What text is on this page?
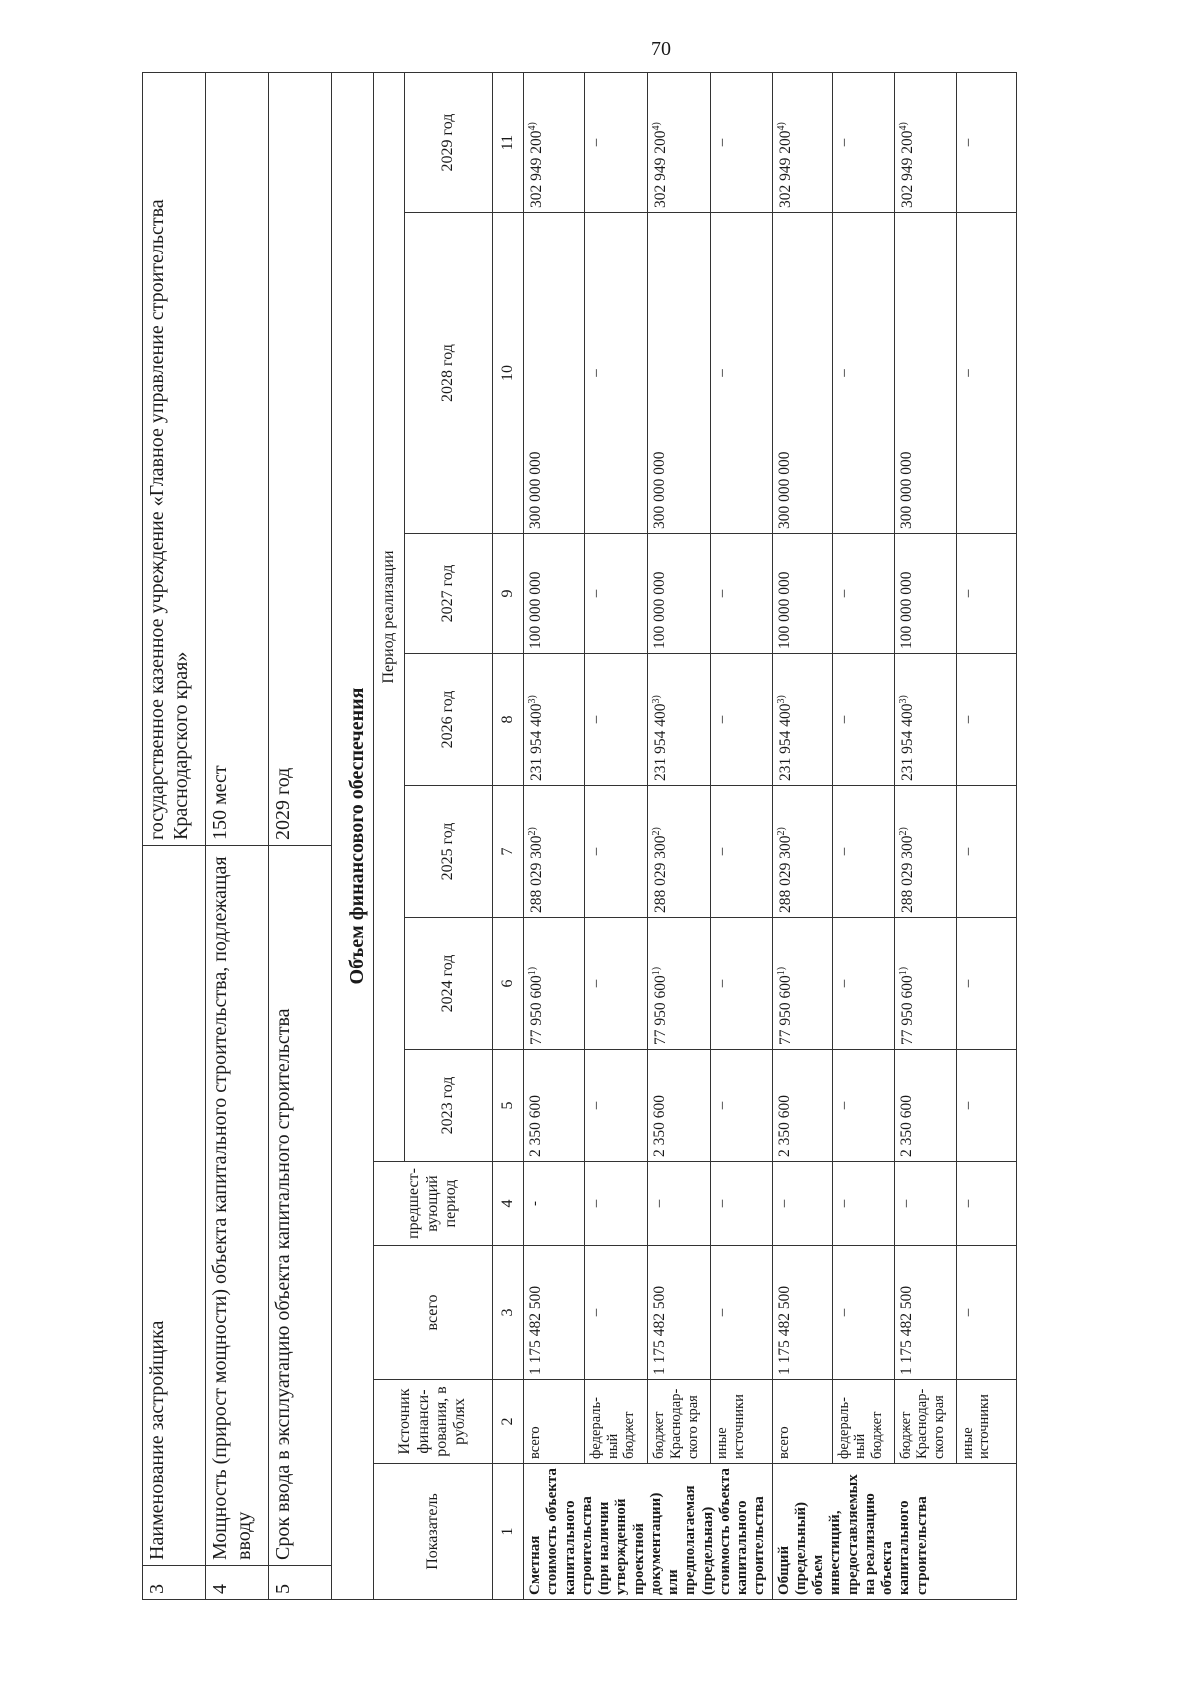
70
3	Наименование застройщика	государственное казенное учреждение «Главное управление строительства Краснодарского края»
4	Мощность (прирост мощности) объекта капитального строительства, подлежащая вводу	150 мест
5	Срок ввода в эксплуатацию объекта капитального строительства	2029 год	Объем финансового обеспечения
Показатель	Источник финанси-рования, в рублях	всего	предшест-вующий период	Период реализации						
				2023 год	2024 год	2025 год	2026 год	2027 год	2028 год	2029 год
1	2	3	4	5	6	7	8	9	10	11
Сметная стоимость объекта капитального строительства (при наличии утвержденной проектной документации) или предполагаемая (предельная) стоимость объекта капитального строительства	всего	1 175 482 500	-	2 350 600	77 950 600$^{1)}$	288 029 300$^{2)}$	231 954 400$^{3)}$	100 000 000	300 000 000	302 949 200$^{4)}$
	федераль-ный бюджет	–	–	–	–	–	–	–	–	–
	бюджет Краснодар-ского края	1 175 482 500	–	2 350 600	77 950 600$^{1)}$	288 029 300$^{2)}$	231 954 400$^{3)}$	100 000 000	300 000 000	302 949 200$^{4)}$
	иные источники	–	–	–	–	–	–	–	–	–
Общий (предельный) объем инвестиций, предоставляемых на реализацию объекта капитального строительства	всего	1 175 482 500	–	2 350 600	77 950 600$^{1)}$	288 029 300$^{2)}$	231 954 400$^{3)}$	100 000 000	300 000 000	302 949 200$^{4)}$
	федераль-ный бюджет	–	–	–	–	–	–	–	–	–
	бюджет Краснодар-ского края	1 175 482 500	–	2 350 600	77 950 600$^{1)}$	288 029 300$^{2)}$	231 954 400$^{3)}$	100 000 000	300 000 000	302 949 200$^{4)}$
	иные источники	–	–	–	–	–	–	–	–	–
